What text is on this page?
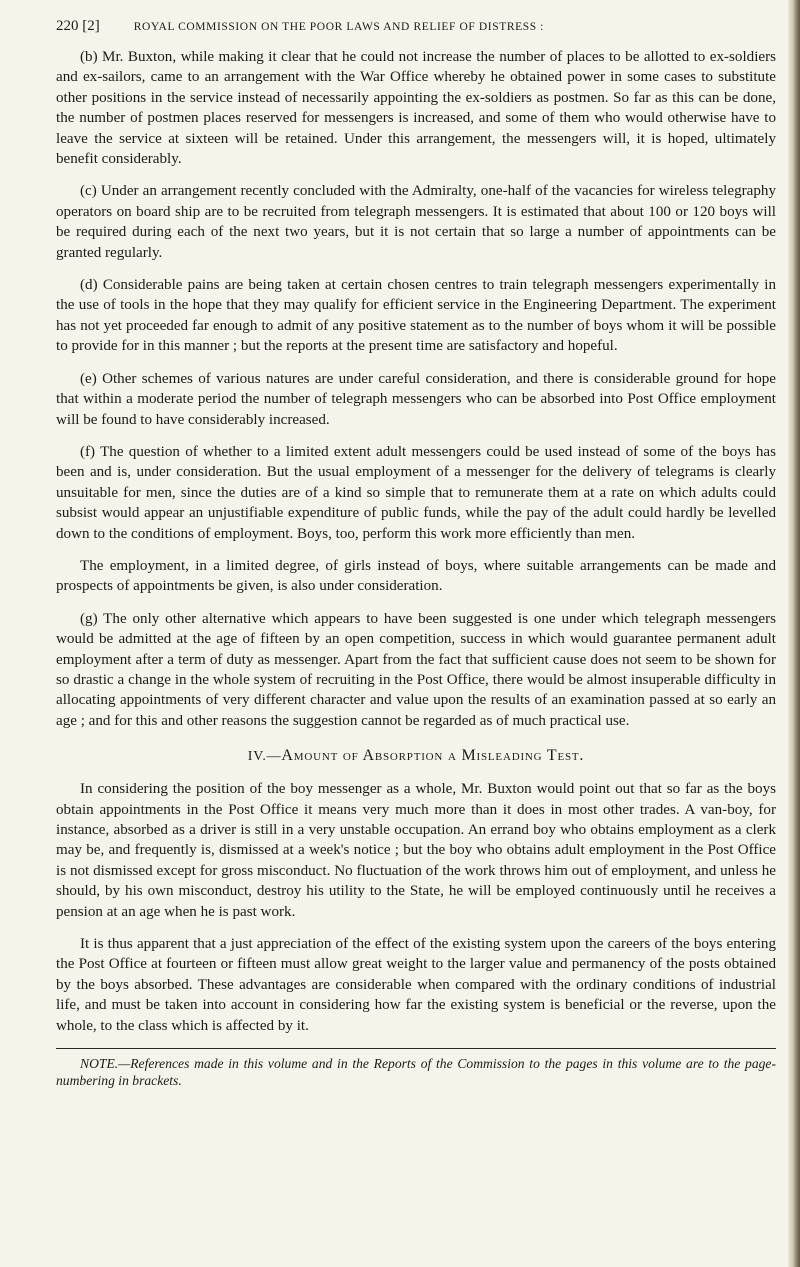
220 [2]	ROYAL COMMISSION ON THE POOR LAWS AND RELIEF OF DISTRESS :

(b) Mr. Buxton, while making it clear that he could not increase the number of places to be allotted to ex-soldiers and ex-sailors, came to an arrangement with the War Office whereby he obtained power in some cases to substitute other positions in the service instead of necessarily appointing the ex-soldiers as postmen. So far as this can be done, the number of postmen places reserved for messengers is increased, and some of them who would otherwise have to leave the service at sixteen will be retained. Under this arrangement, the messengers will, it is hoped, ultimately benefit considerably.

(c) Under an arrangement recently concluded with the Admiralty, one-half of the vacancies for wireless telegraphy operators on board ship are to be recruited from telegraph messengers. It is estimated that about 100 or 120 boys will be required during each of the next two years, but it is not certain that so large a number of appointments can be granted regularly.

(d) Considerable pains are being taken at certain chosen centres to train telegraph messengers experimentally in the use of tools in the hope that they may qualify for efficient service in the Engineering Department. The experiment has not yet proceeded far enough to admit of any positive statement as to the number of boys whom it will be possible to provide for in this manner ; but the reports at the present time are satisfactory and hopeful.

(e) Other schemes of various natures are under careful consideration, and there is considerable ground for hope that within a moderate period the number of telegraph messengers who can be absorbed into Post Office employment will be found to have considerably increased.

(f) The question of whether to a limited extent adult messengers could be used instead of some of the boys has been and is, under consideration. But the usual employment of a messenger for the delivery of telegrams is clearly unsuitable for men, since the duties are of a kind so simple that to remunerate them at a rate on which adults could subsist would appear an unjustifiable expenditure of public funds, while the pay of the adult could hardly be levelled down to the conditions of employment. Boys, too, perform this work more efficiently than men.

The employment, in a limited degree, of girls instead of boys, where suitable arrangements can be made and prospects of appointments be given, is also under consideration.

(g) The only other alternative which appears to have been suggested is one under which telegraph messengers would be admitted at the age of fifteen by an open competition, success in which would guarantee permanent adult employment after a term of duty as messenger. Apart from the fact that sufficient cause does not seem to be shown for so drastic a change in the whole system of recruiting in the Post Office, there would be almost insuperable difficulty in allocating appointments of very different character and value upon the results of an examination passed at so early an age ; and for this and other reasons the suggestion cannot be regarded as of much practical use.

IV.—Amount of Absorption a Misleading Test.

In considering the position of the boy messenger as a whole, Mr. Buxton would point out that so far as the boys obtain appointments in the Post Office it means very much more than it does in most other trades. A van-boy, for instance, absorbed as a driver is still in a very unstable occupation. An errand boy who obtains employment as a clerk may be, and frequently is, dismissed at a week's notice ; but the boy who obtains adult employment in the Post Office is not dismissed except for gross misconduct. No fluctuation of the work throws him out of employment, and unless he should, by his own misconduct, destroy his utility to the State, he will be employed continuously until he receives a pension at an age when he is past work.

It is thus apparent that a just appreciation of the effect of the existing system upon the careers of the boys entering the Post Office at fourteen or fifteen must allow great weight to the larger value and permanency of the posts obtained by the boys absorbed. These advantages are considerable when compared with the ordinary conditions of industrial life, and must be taken into account in considering how far the existing system is beneficial or the reverse, upon the whole, to the class which is affected by it.

NOTE.—References made in this volume and in the Reports of the Commission to the pages in this volume are to the page-numbering in brackets.
